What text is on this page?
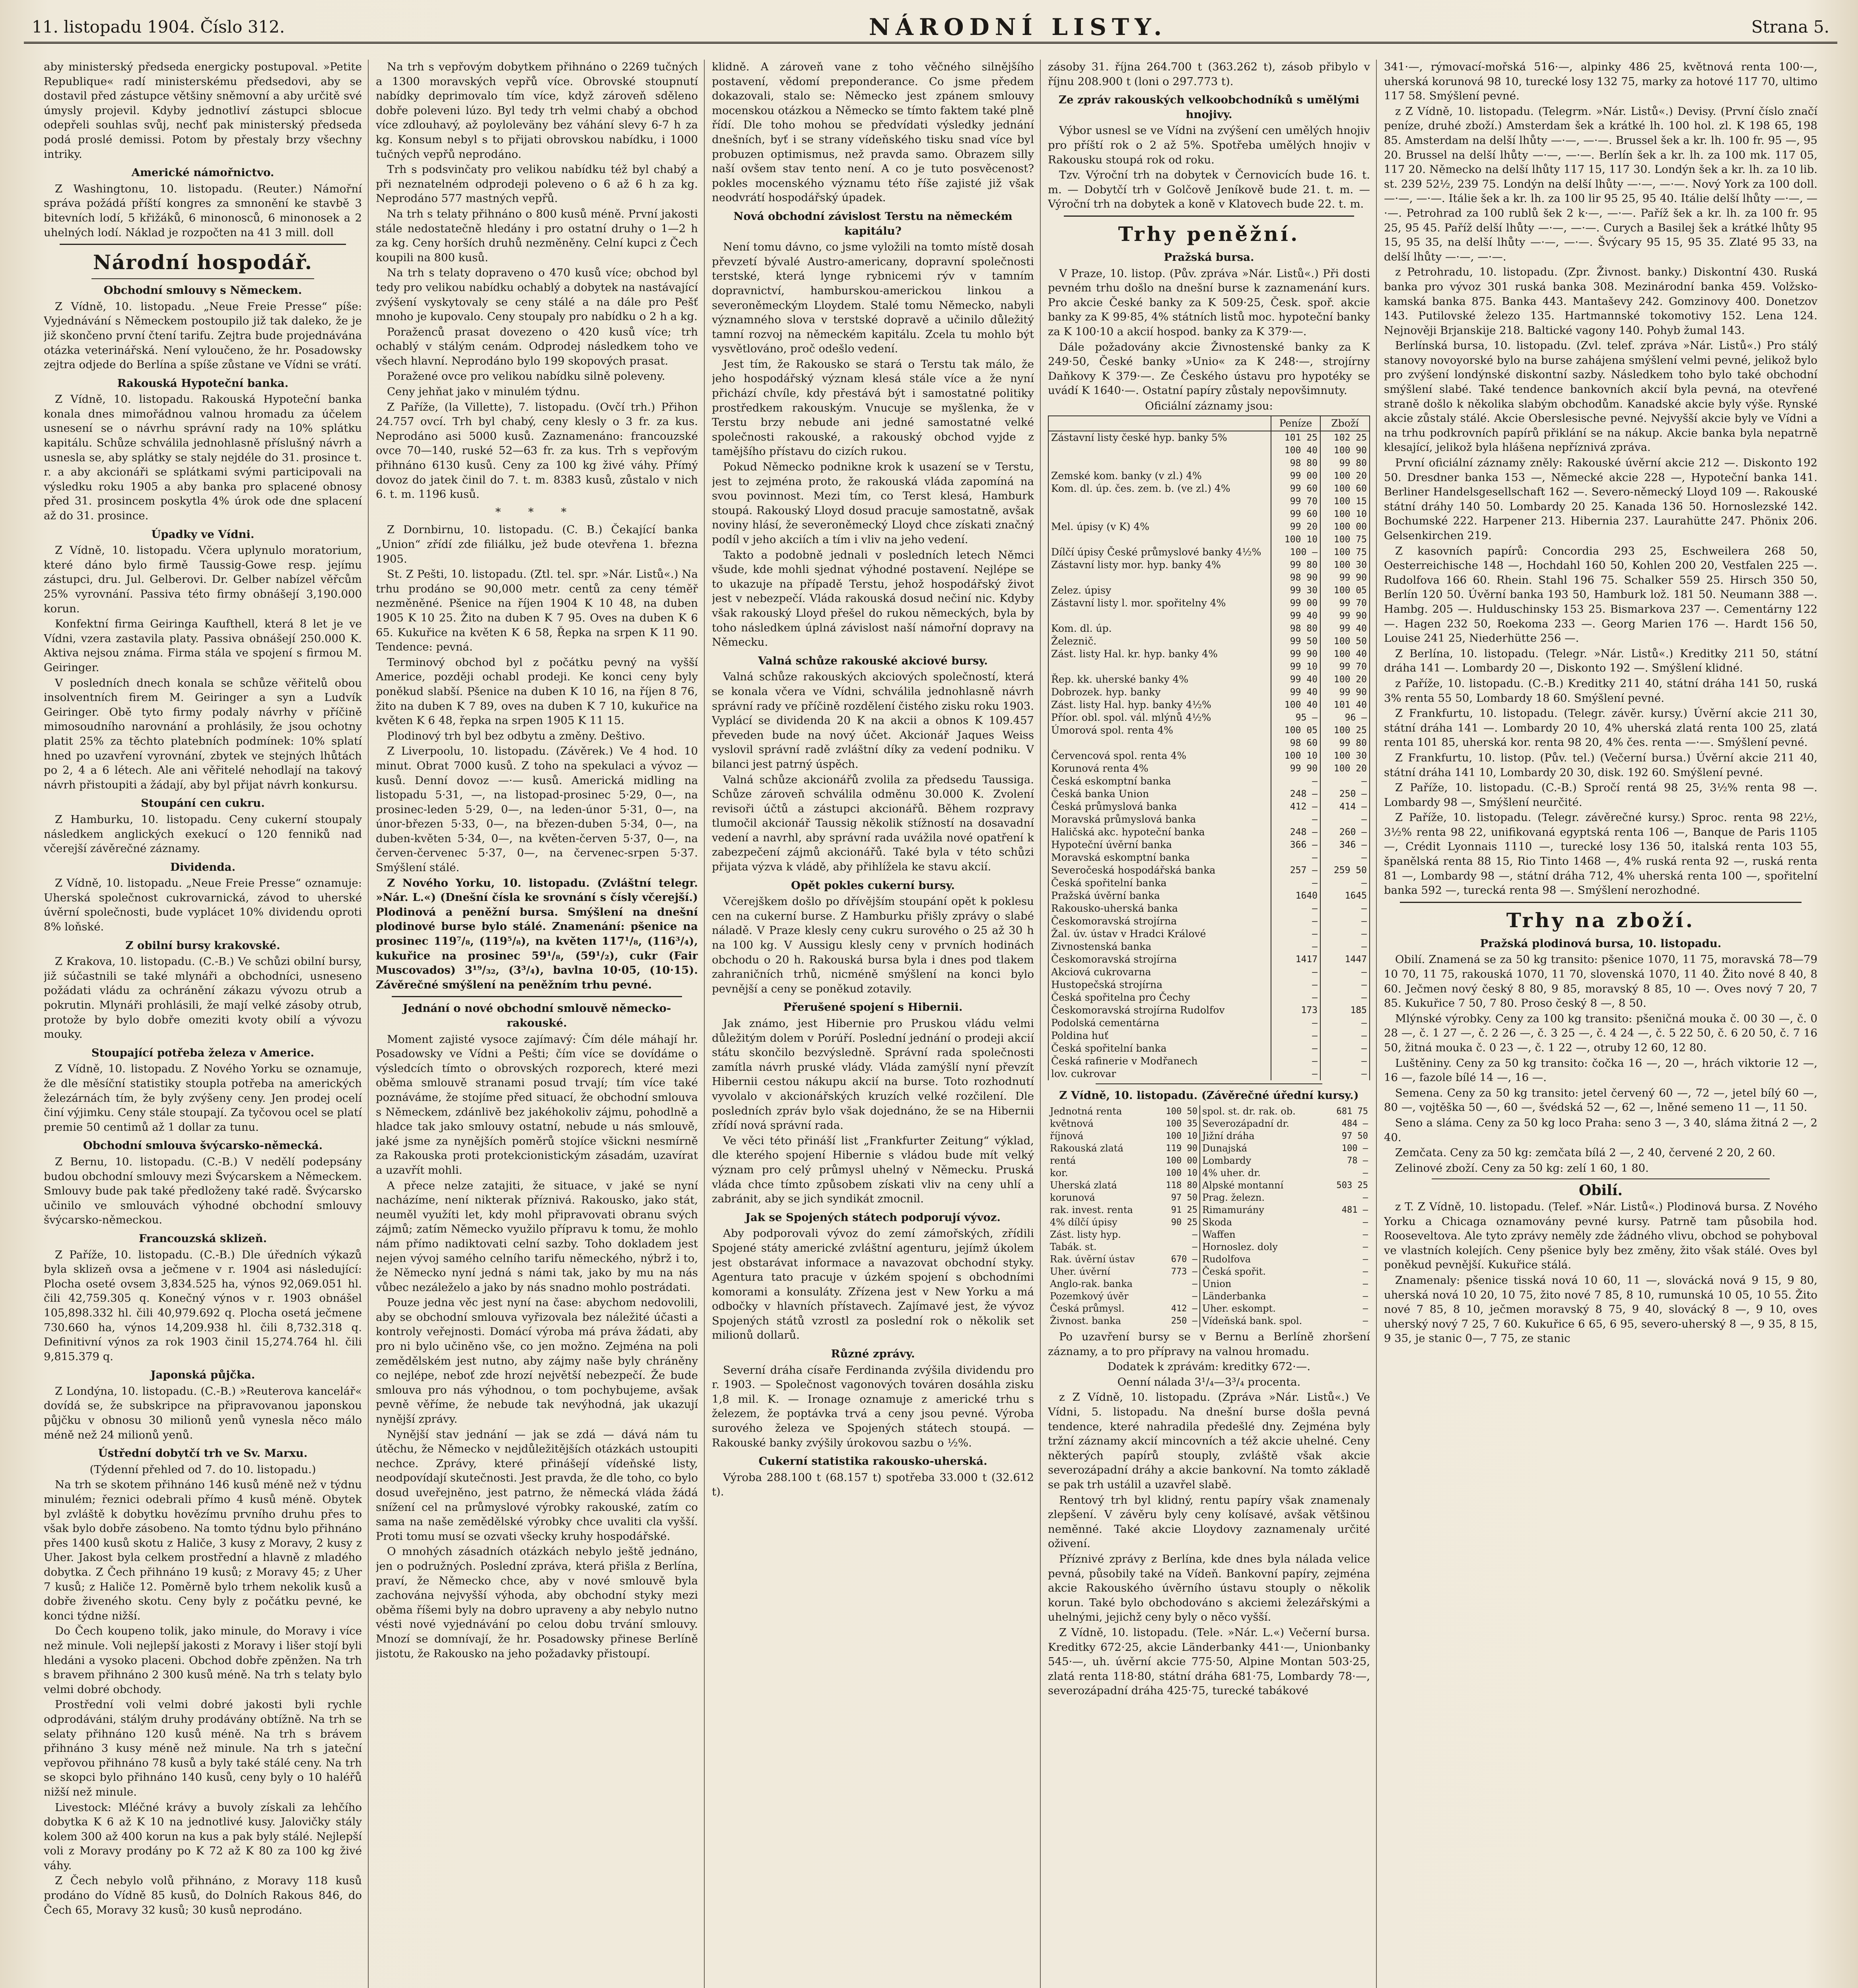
11. listopadu 1904. Číslo 312.	NÁRODNÍ LISTY.	Strana 5.

aby ministerský předseda energicky postupoval. »Petite Republique« radí ministerskému předsedovi, aby se dostavil před zástupce většiny sněmovní a aby určitě své úmysly projevil. Kdyby jednotliví zástupci sblocue odepřeli souhlas svůj, nechť pak ministerský předseda podá proslé demissi. Potom by přestaly brzy všechny intriky.

Americké námořnictvo.

Z Washingtonu, 10. listopadu. (Reuter.) Námořní správa požádá příští kongres za smnonění ke stavbě 3 bitevních lodí, 5 křižáků, 6 minonosců, 6 minonosek a 2 uhelných lodí. Náklad je rozpočten na 41 3 mill. doll

Národní hospodář.

Obchodní smlouvy s Německem.

Z Vídně, 10. listopadu. „Neue Freie Presse“ píše: Vyjednávání s Německem postoupilo již tak daleko, že je již skončeno první čtení tarifu. Zejtra bude projednávána otázka veterinářská. Není vyloučeno, že hr. Posadowsky zejtra odjede do Berlína a spíše zůstane ve Vídni se vrátí.

Rakouská Hypoteční banka.

Z Vídně, 10. listopadu. Rakouská Hypoteční banka konala dnes mimořádnou valnou hromadu za účelem usnesení se o návrhu správní rady na 10% splátku kapitálu. Schůze schválila jednohlasně příslušný návrh a usnesla se, aby splátky se staly nejdéle do 31. prosince t. r. a aby akcionáři se splátkami svými participovali na výsledku roku 1905 a aby banka pro splacené obnosy před 31. prosincem poskytla 4% úrok ode dne splacení až do 31. prosince.

Úpadky ve Vídni.

Z Vídně, 10. listopadu. Včera uplynulo moratorium, které dáno bylo firmě Taussig-Gowe resp. jejímu zástupci, dru. Jul. Gelberovi. Dr. Gelber nabízel věřcům 25% vyrovnání. Passiva této firmy obnášejí 3,190.000 korun.

Konfektní firma Geiringa Kaufthell, která 8 let je ve Vídni, vzera zastavila platy. Passiva obnášejí 250.000 K. Aktiva nejsou známa. Firma stála ve spojení s firmou M. Geiringer.

V posledních dnech konala se schůze věřitelů obou insolventních firem M. Geiringer a syn a Ludvík Geiringer. Obě tyto firmy podaly návrhy v příčině mimosoudního narovnání a prohlásily, že jsou ochotny platit 25% za těchto platebních podmínek: 10% splatí hned po uzavření vyrovnání, zbytek ve stejných lhůtách po 2, 4 a 6 létech. Ale ani věřitelé nehodlají na takový návrh přistoupiti a žádají, aby byl přijat návrh konkursu.

Stoupání cen cukru.

Z Hamburku, 10. listopadu. Ceny cukerní stoupaly následkem anglických exekucí o 120 fenniků nad včerejší závěrečné záznamy.

Dividenda.

Z Vídně, 10. listopadu. „Neue Freie Presse“ oznamuje: Uherská společnost cukrovarnická, závod to uherské úvěrní společnosti, bude vyplácet 10% dividendu oproti 8% loňské.

Z obilní bursy krakovské.

Z Krakova, 10. listopadu. (C.-B.) Ve schůzi obilní bursy, již súčastnili se také mlynáři a obchodníci, usneseno požádati vládu za ochránění zákazu vývozu otrub a pokrutin. Mlynáři prohlásili, že mají velké zásoby otrub, protože by bylo dobře omeziti kvoty obilí a vývozu mouky.

Stoupající potřeba železa v Americe.

Z Vídně, 10. listopadu. Z Nového Yorku se oznamuje, že dle měsíční statistiky stoupla potřeba na amerických železárnách tím, že byly zvýšeny ceny. Jen prodej ocelí činí výjimku. Ceny stále stoupají. Za tyčovou ocel se platí premie 50 centimů až 1 dollar za tunu.

Obchodní smlouva švýcarsko-německá.

Z Bernu, 10. listopadu. (C.-B.) V nedělí podepsány budou obchodní smlouvy mezi Švýcarskem a Německem. Smlouvy bude pak také předloženy také radě. Švýcarsko učinilo ve smlouvách výhodné obchodní smlouvy švýcarsko-německou.

Francouzská sklizeň.

Z Paříže, 10. listopadu. (C.-B.) Dle úředních výkazů byla sklizeň ovsa a ječmene v r. 1904 asi následující: Plocha oseté ovsem 3,834.525 ha, výnos 92,069.051 hl. čili 42,759.305 q. Konečný výnos v r. 1903 obnášel 105,898.332 hl. čili 40,979.692 q. Plocha osetá ječmene 730.660 ha, výnos 14,209.938 hl. čili 8,732.318 q. Definitivní výnos za rok 1903 činil 15,274.764 hl. čili 9,815.379 q.

Japonská půjčka.

Z Londýna, 10. listopadu. (C.-B.) »Reuterova kancelář« dovídá se, že subskripce na připravovanou japonskou půjčku v obnosu 30 milionů yenů vynesla něco málo méně než 24 milionů yenů.

Ústřední dobytčí trh ve Sv. Marxu.

(Týdenní přehled od 7. do 10. listopadu.)

Na trh se skotem přihnáno 146 kusů méně než v týdnu minulém; řeznici odebrali přímo 4 kusů méně. Obytek byl zvláště k dobytku hovězímu prvního druhu přes to však bylo dobře zásobeno. Na tomto týdnu bylo přihnáno přes 1400 kusů skotu z Haliče, 3 kusy z Moravy, 2 kusy z Uher. Jakost byla celkem prostřední a hlavně z mladého dobytka. Z Čech přihnáno 19 kusů; z Moravy 45; z Uher 7 kusů; z Haliče 12. Poměrně bylo trhem nekolik kusů a dobře živeného skotu. Ceny byly z počátku pevné, ke konci týdne nižší.

Do Čech koupeno tolik, jako minule, do Moravy i více než minule. Voli nejlepší jakosti z Moravy i lišer stojí byli hledáni a vysoko placeni. Obchod dobře zpěnžen. Na trh s bravem přihnáno 2 300 kusů méně. Na trh s telaty bylo velmi dobré obchody.

Prostřední voli velmi dobré jakosti byli rychle odprodáváni, stálým druhy prodávány obtížně. Na trh se selaty přihnáno 120 kusů méně. Na trh s brávem přihnáno 3 kusy méně než minule. Na trh s jateční vepřovou přihnáno 78 kusů a byly také stálé ceny. Na trh se skopci bylo přihnáno 140 kusů, ceny byly o 10 haléřů nižší než minule.

Livestock: Mléčné krávy a buvoly získali za lehčího dobytka K 6 až K 10 na jednotlivé kusy. Jalovičky stály kolem 300 až 400 korun na kus a pak byly stálé. Nejlepší voli z Moravy prodány po K 72 až K 80 za 100 kg živé váhy.

Z Čech nebylo volů přihnáno, z Moravy 118 kusů prodáno do Vídně 85 kusů, do Dolních Rakous 846, do Čech 65, Moravy 32 kusů; 30 kusů neprodáno.

Na trh s vepřovým dobytkem přihnáno o 2269 tučných a 1300 moravských vepřů více. Obrovské stoupnutí nabídky deprimovalo tím více, když zároveň sděleno dobře poleveni lúzo. Byl tedy trh velmi chabý a obchod více zdlouhavý, až poyloleväny bez váhání slevy 6-7 h za kg. Konsum nebyl s to přijati obrovskou nabídku, i 1000 tučných vepřů neprodáno.

Trh s podsvinčaty pro velikou nabídku též byl chabý a při neznatelném odprodeji poleveno o 6 až 6 h za kg. Neprodáno 577 mastných vepřů.

Na trh s telaty přihnáno o 800 kusů méně. První jakosti stále nedostatečně hledány i pro ostatní druhy o 1—2 h za kg. Ceny horších druhů nezměněny. Celní kupci z Čech koupili na 800 kusů.

Na trh s telaty dopraveno o 470 kusů více; obchod byl tedy pro velikou nabídku ochablý a dobytek na nastávající zvýšení vyskytovaly se ceny stálé a na dále pro Pešť mnoho je kupovalo. Ceny stoupaly pro nabídku o 2 h a kg.

Poraženců prasat dovezeno o 420 kusů více; trh ochablý v stálým cenám. Odprodej následkem toho ve všech hlavní. Neprodáno bylo 199 skopových prasat.

Poražené ovce pro velikou nabídku silně poleveny.

Ceny jehňat jako v minulém týdnu.

Z Paříže, (la Villette), 7. listopadu. (Ovčí trh.) Přihon 24.757 ovcí. Trh byl chabý, ceny klesly o 3 fr. za kus. Neprodáno asi 5000 kusů. Zaznamenáno: francouzské ovce 70—140, ruské 52—63 fr. za kus. Trh s vepřovým přihnáno 6130 kusů. Ceny za 100 kg živé váhy. Přímý dovoz do jatek činil do 7. t. m. 8383 kusů, zůstalo v nich 6. t. m. 1196 kusů.

* * *

Z Dornbirnu, 10. listopadu. (C. B.) Čekající banka „Union“ zřídí zde filiálku, jež bude otevřena 1. března 1905.

St. Z Pešti, 10. listopadu. (Ztl. tel. spr. »Nár. Listů«.) Na trhu prodáno se 90,000 metr. centů za ceny téměř nezměněné. Pšenice na říjen 1904 K 10 48, na duben 1905 K 10 25. Žito na duben K 7 95. Oves na duben K 6 65. Kukuřice na květen K 6 58, Řepka na srpen K 11 90. Tendence: pevná.

Terminový obchod byl z počátku pevný na vyšší Americe, později ochabl prodeji. Ke konci ceny byly poněkud slabší. Pšenice na duben K 10 16, na říjen 8 76, žito na duben K 7 89, oves na duben K 7 10, kukuřice na květen K 6 48, řepka na srpen 1905 K 11 15.

Plodinový trh byl bez odbytu a změny. Deštivo.

Z Liverpoolu, 10. listopadu. (Závěrek.) Ve 4 hod. 10 minut. Obrat 7000 kusů. Z toho na spekulaci a vývoz — kusů. Denní dovoz —·— kusů. Americká midling na listopadu 5·31, —, na listopad-prosinec 5·29, 0—, na prosinec-leden 5·29, 0—, na leden-únor 5·31, 0—, na únor-březen 5·33, 0—, na březen-duben 5·34, 0—, na duben-květen 5·34, 0—, na květen-červen 5·37, 0—, na červen-červenec 5·37, 0—, na červenec-srpen 5·37. Smýšlení stálé.

Z Nového Yorku, 10. listopadu. (Zvláštní telegr. »Nár. L.«) (Dnešní čísla ke srovnání s čísly včerejší.) Plodinová a peněžní bursa. Smýšlení na dnešní plodinové burse bylo stálé. Znamenání: pšenice na prosinec 119⁷/₈, (119⁵/₈), na květen 117¹/₈, (116³/₄), kukuřice na prosinec 59¹/₈, (59¹/₂), cukr (Fair Muscovados) 3¹⁹/₃₂, (3³/₄), bavlna 10·05, (10·15). Závěrečné smýšlení na peněžním trhu pevné.

Jednání o nové obchodní smlouvě německo-rakouské.

Moment zajisté vysoce zajímavý: Čím déle máhají hr. Posadowsky ve Vídni a Pešti; čím více se dovídáme o výsledcích tímto o obrovských rozporech, které mezi oběma smlouvě stranami posud trvají; tím více také poznáváme, že stojíme před situací, že obchodní smlouva s Německem, zdánlivě bez jakéhokoliv zájmu, pohodlně a hladce tak jako smlouvy ostatní, nebude u nás smlouvě, jaké jsme za nynějších poměrů stojíce všickni nesmírně za Rakouska proti protekcionistickým zásadám, uzavírat a uzavřít mohli.

A přece nelze zatajiti, že situace, v jaké se nyní nacházíme, není nikterak příznivá. Rakousko, jako stát, neuměl využíti let, kdy mohl připravovati obranu svých zájmů; zatím Německo využilo přípravu k tomu, že mohlo nám přímo nadiktovati celní sazby. Toho dokladem jest nejen vývoj samého celního tarifu německého, nýbrž i to, že Německo nyní jedná s námi tak, jako by mu na nás vůbec nezáleželo a jako by nás snadno mohlo postrádati.

Pouze jedna věc jest nyní na čase: abychom nedovolili, aby se obchodní smlouva vyřizovala bez náležité účasti a kontroly veřejnosti. Domácí výroba má práva žádati, aby pro ni bylo učiněno vše, co jen možno. Zejména na poli zemědělském jest nutno, aby zájmy naše byly chráněny co nejlépe, neboť zde hrozí největší nebezpečí. Že bude smlouva pro nás výhodnou, o tom pochybujeme, avšak pevně věříme, že nebude tak nevýhodná, jak ukazují nynější zprávy.

Nynější stav jednání — jak se zdá — dává nám tu útěchu, že Německo v nejdůležitějších otázkách ustoupiti nechce. Zprávy, které přinášejí vídeňské listy, neodpovídají skutečnosti. Jest pravda, že dle toho, co bylo dosud uveřejněno, jest patrno, že německá vláda žádá snížení cel na průmyslové výrobky rakouské, zatím co sama na naše zemědělské výrobky chce uvaliti cla vyšší. Proti tomu musí se ozvati všecky kruhy hospodářské.

O mnohých zásadních otázkách nebylo ještě jednáno, jen o podružných. Poslední zpráva, která přišla z Berlína, praví, že Německo chce, aby v nové smlouvě byla zachována nejvyšší výhoda, aby obchodní styky mezi oběma říšemi byly na dobro upraveny a aby nebylo nutno vésti nové vyjednávání po celou dobu trvání smlouvy. Mnozí se domnívají, že hr. Posadowsky přinese Berlíně jistotu, že Rakousko na jeho požadavky přistoupí.

klidně. A zároveň vane z toho věčného silnějšího postavení, vědomí preponderance. Co jsme předem dokazovali, stalo se: Německo jest zpánem smlouvy mocenskou otázkou a Německo se tímto faktem také plně řídí. Dle toho mohou se předvídati výsledky jednání dnešních, byť i se strany vídeňského tisku snad více byl probuzen optimismus, než pravda samo. Obrazem silly naší ovšem stav tento není. A co je tuto posvěcenost? pokles mocenského významu této říše zajisté již však neodvrátí hospodářský úpadek.

Nová obchodní závislost Terstu na německém kapitálu?

Není tomu dávno, co jsme vyložili na tomto místě dosah převzetí bývalé Austro-americany, dopravní společnosti terstské, která lynge rybnicemi rýv v tamním dopravnictví, hamburskou-americkou linkou a severoněmeckým Lloydem. Stalé tomu Německo, nabyli významného slova v terstské dopravě a učinilo důležitý tamní rozvoj na německém kapitálu. Zcela tu mohlo být vysvětlováno, proč odešlo vedení.

Jest tím, že Rakousko se stará o Terstu tak málo, že jeho hospodářský význam klesá stále více a že nyní přichází chvíle, kdy přestává být i samostatné politiky prostředkem rakouským. Vnucuje se myšlenka, že v Terstu brzy nebude ani jedné samostatné velké společnosti rakouské, a rakouský obchod vyjde z tamějšího přístavu do cizích rukou.

Pokud Německo podnikne krok k usazení se v Terstu, jest to zejména proto, že rakouská vláda zapomíná na svou povinnost. Mezi tím, co Terst klesá, Hamburk stoupá. Rakouský Lloyd dosud pracuje samostatně, avšak noviny hlásí, že severoněmecký Lloyd chce získati značný podíl v jeho akciích a tím i vliv na jeho vedení.

Takto a podobně jednali v posledních letech Němci všude, kde mohli sjednat výhodné postavení. Nejlépe se to ukazuje na případě Terstu, jehož hospodářský život jest v nebezpečí. Vláda rakouská dosud nečiní nic. Kdyby však rakouský Lloyd přešel do rukou německých, byla by toho následkem úplná závislost naší námořní dopravy na Německu.

Valná schůze rakouské akciové bursy.

Valná schůze rakouských akciových společností, která se konala včera ve Vídni, schválila jednohlasně návrh správní rady ve příčině rozdělení čistého zisku roku 1903. Vyplácí se dividenda 20 K na akcii a obnos K 109.457 převeden bude na nový účet. Akcionář Jaques Weiss vyslovil správní radě zvláštní díky za vedení podniku. V bilanci jest patrný úspěch.

Valná schůze akcionářů zvolila za předsedu Taussiga. Schůze zároveň schválila odměnu 30.000 K. Zvolení revisoři účtů a zástupci akcionářů. Během rozpravy tlumočil akcionář Taussig několik stížností na dosavadní vedení a navrhl, aby správní rada uvážila nové opatření k zabezpečení zájmů akcionářů. Také byla v této schůzi přijata výzva k vládě, aby přihlížela ke stavu akcií.

Opět pokles cukerní bursy.

Včerejškem došlo po dřívějším stoupání opět k poklesu cen na cukerní burse. Z Hamburku přišly zprávy o slabé náladě. V Praze klesly ceny cukru surového o 25 až 30 h na 100 kg. V Aussigu klesly ceny v prvních hodinách obchodu o 20 h. Rakouská bursa byla i dnes pod tlakem zahraničních trhů, nicméně smýšlení na konci bylo pevnější a ceny se poněkud zotavily.

Přerušené spojení s Hibernii.

Jak známo, jest Hibernie pro Pruskou vládu velmi důležitým dolem v Porúří. Poslední jednání o prodeji akcií státu skončilo bezvýsledně. Správní rada společnosti zamítla návrh pruské vlády. Vláda zamýšlí nyní převzít Hibernii cestou nákupu akcií na burse. Toto rozhodnutí vyvolalo v akcionářských kruzích velké rozčilení. Dle posledních zpráv bylo však dojednáno, že se na Hibernii zřídí nová správní rada.

Ve věci této přináší list „Frankfurter Zeitung“ výklad, dle kterého spojení Hibernie s vládou bude mít velký význam pro celý průmysl uhelný v Německu. Pruská vláda chce tímto způsobem získati vliv na ceny uhlí a zabránit, aby se jich syndikát zmocnil.

Jak se Spojených státech podporují vývoz.

Aby podporovali vývoz do zemí zámořských, zřídili Spojené státy americké zvláštní agenturu, jejímž úkolem jest obstarávat informace a navazovat obchodní styky. Agentura tato pracuje v úzkém spojení s obchodními komorami a konsuláty. Zřízena jest v New Yorku a má odbočky v hlavních přístavech. Zajímavé jest, že vývoz Spojených států vzrostl za poslední rok o několik set milionů dollarů.

Různé zprávy.

Severní dráha císaře Ferdinanda zvýšila dividendu pro r. 1903. — Společnost vagonových továren dosáhla zisku 1,8 mil. K. — Ironage oznamuje z americké trhu s železem, že poptávka trvá a ceny jsou pevné. Výroba surového železa ve Spojených státech stoupá. — Rakouské banky zvýšily úrokovou sazbu o ½%.

Cukerní statistika rakousko-uherská.

Výroba 288.100 t (68.157 t) spotřeba 33.000 t (32.612 t).

zásoby 31. října 264.700 t (363.262 t), zásob přibylo v říjnu 208.900 t (loni o 297.773 t).

Ze zpráv rakouských velkoobchodníků s umělými hnojivy.

Výbor usnesl se ve Vídni na zvýšení cen umělých hnojiv pro příští rok o 2 až 5%. Spotřeba umělých hnojiv v Rakousku stoupá rok od roku.

Tzv. Výroční trh na dobytek v Černovicích bude 16. t. m. — Dobytčí trh v Golčově Jeníkově bude 21. t. m. — Výroční trh na dobytek a koně v Klatovech bude 22. t. m.

Trhy peněžní.

Pražská bursa.

V Praze, 10. listop. (Pův. zpráva »Nár. Listů«.) Při dosti pevném trhu došlo na dnešní burse k zaznamenání kurs. Pro akcie České banky za K 509·25, Česk. spoř. akcie banky za K 99·85, 4% státních listů moc. hypoteční banky za K 100·10 a akcií hospod. banky za K 379·—.

Dále požadovány akcie Živnostenské banky za K 249·50, České banky »Unio« za K 248·—, strojírny Daňkovy K 379·—. Ze Českého ústavu pro hypotéky se uvádí K 1640·—. Ostatní papíry zůstaly nepovšimnuty.

Oficiální záznamy jsou:

	Peníze	Zboží
Zástavní listy české hyp. banky 5%	101 25	102 25
	100 40	100 90
	98 80	99 80
Zemské kom. banky (v zl.) 4%	99 00	100 20
Kom. dl. úp. čes. zem. b. (ve zl.) 4%	99 60	100 60
	99 70	100 15
	99 60	100 10
Mel. úpisy (v K) 4%	99 20	100 00
	100 10	100 75
Dílčí úpisy České průmyslové banky 4½%	100 —	100 75
Zástavní listy mor. hyp. banky 4%	99 80	100 30
	98 90	99 90
Zelez. úpisy	99 30	100 05
Zástavní listy l. mor. spořitelny 4%	99 00	99 70
	99 40	99 90
Kom. dl. úp.	98 80	99 40
Železnič.	99 50	100 50
Zást. listy Hal. kr. hyp. banky 4%	99 90	100 40
	99 10	99 70
Řep. kk. uherské banky 4%	99 40	100 20
Dobrozek. hyp. banky	99 40	99 90
Zást. listy Hal. hyp. banky 4½%	100 40	101 40
Příor. obl. spol. vál. mlýnů 4½%	95 —	96 —
Úmorová spol. renta 4%	100 05	100 25
	98 60	99 80
Červencová spol. renta 4%	100 10	100 30
Korunová renta 4%	99 90	100 20
Česká eskomptní banka	—	—
Česká banka Union	248 —	250 —
Česká průmyslová banka	412 —	414 —
Moravská průmyslová banka	—	—
Haličská akc. hypoteční banka	248 —	260 —
Hypoteční úvěrní banka	366 —	346 —
Moravská eskomptní banka	—	—
Severočeská hospodářská banka	257 —	259 50
Česká spořitelní banka	—	—
Pražská úvěrní banka	1640	1645
Rakousko-uherská banka	—	—
Českomoravská strojírna	—	—
Žal. úv. ústav v Hradci Králové	—	—
Zivnostenská banka	—	—
Českomoravská strojírna	1417	1447
Akciová cukrovarna	—	—
Hustopečská strojírna	—	—
Česká spořitelna pro Čechy	—	—
Českomoravská strojírna Rudolfov	173	185
Podolská cementárna	—	—
Poldina huť	—	—
Česká spořitelní banka	—	—
Česká rafinerie v Modřanech	—	—
lov. cukrovar	—	—

Z Vídně, 10. listopadu. (Závěrečné úřední kursy.)

Jednotná renta	100 50	spol. st. dr. rak. ob.	681 75
květnová	100 35	Severozápadní dr.	484 —
říjnová	100 10	Jižní dráha	97 50
Rakouská zlatá	119 90	Dunajská	100 —
rentá	100 00	Lombardy	78 —
kor.	100 10	4% uher. dr.	—
Uherská zlatá	118 80	Alpské montanní	503 25
korunová	97 50	Prag. železn.	—
rak. invest. renta	91 25	Rimamurány	481 —
4% dílčí úpisy	90 25	Skoda	—
Zást. listy hyp.	—	Waffen	—
Tabák. st.	—	Hornoslez. doly	—
Rak. úvěrní ústav	670 —	Rudolfova	—
Uher. úvěrní	773 —	Česká spořit.	—
Anglo-rak. banka	—	Union	—
Pozemkový úvěr	—	Länderbanka	—
Česká průmysl.	412 —	Uher. eskompt.	—
Živnost. banka	250 —	Vídeňská bank. spol.	—

Po uzavření bursy se v Bernu a Berlíně zhoršení záznamy, a to pro přípravy na valnou hromadu.

Dodatek k zprávám: kreditky 672·—.

Oenní nálada 3¹/₄—3³/₄ procenta.

z Z Vídně, 10. listopadu. (Zpráva »Nár. Listů«.) Ve Vídni, 5. listopadu. Na dnešní burse došla pevná tendence, které nahradila předešlé dny. Zejména byly tržní záznamy akcií mincovních a též akcie uhelné. Ceny některých papírů stouply, zvláště však akcie severozápadní dráhy a akcie bankovní. Na tomto základě se pak trh ustálil a uzavřel slabě.

Rentový trh byl klidný, rentu papíry však znamenaly zlepšení. V závěru byly ceny kolísavé, avšak většinou neměnné. Také akcie Lloydovy zaznamenaly určité oživení.

Příznivé zprávy z Berlína, kde dnes byla nálada velice pevná, působily také na Vídeň. Bankovní papíry, zejména akcie Rakouského úvěrního ústavu stouply o několik korun. Také bylo obchodováno s akciemi železářskými a uhelnými, jejichž ceny byly o něco vyšší.

Z Vídně, 10. listopadu. (Tele. »Nár. L.«) Večerní bursa. Kreditky 672·25, akcie Länderbanky 441·—, Unionbanky 545·—, uh. úvěrní akcie 775·50, Alpine Montan 503·25, zlatá renta 118·80, státní dráha 681·75, Lombardy 78·—, severozápadní dráha 425·75, turecké tabákové

341·—, rýmovací-mořská 516·—, alpinky 486 25, květnová renta 100·—, uherská korunová 98 10, turecké losy 132 75, marky za hotové 117 70, ultimo 117 58. Smýšlení pevné.

z Z Vídně, 10. listopadu. (Telegrm. »Nár. Listů«.) Devisy. (První číslo značí peníze, druhé zboží.) Amsterdam šek a krátké lh. 100 hol. zl. K 198 65, 198 85. Amsterdam na delší lhůty —·—, —·—. Brussel šek a kr. lh. 100 fr. 95 —, 95 20. Brussel na delší lhůty —·—, —·—. Berlín šek a kr. lh. za 100 mk. 117 05, 117 20. Německo na delší lhůty 117 15, 117 30. Londýn šek a kr. lh. za 10 lib. st. 239 52½, 239 75. Londýn na delší lhůty —·—, —·—. Nový York za 100 doll. —·—, —·—. Itálie šek a kr. lh. za 100 lir 95 25, 95 40. Itálie delší lhůty —·—, —·—. Petrohrad za 100 rublů šek 2 k·—, —·—. Paříž šek a kr. lh. za 100 fr. 95 25, 95 45. Paříž delší lhůty —·—, —·—. Curych a Basilej šek a krátké lhůty 95 15, 95 35, na delší lhůty —·—, —·—. Švýcary 95 15, 95 35. Zlaté 95 33, na delší lhůty —·—, —·—.

z Petrohradu, 10. listopadu. (Zpr. Živnost. banky.) Diskontní 430. Ruská banka pro vývoz 301 ruská banka 308. Mezinárodní banka 459. Volžsko-kamská banka 875. Banka 443. Mantaševy 242. Gomzinovy 400. Donetzov 143. Putilovské železo 135. Hartmannské tokomotivy 152. Lena 124. Nejnověji Brjanskije 218. Baltické vagony 140. Pohyb žumal 143.

Berlínská bursa, 10. listopadu. (Zvl. telef. zpráva »Nár. Listů«.) Pro stálý stanovy novoyorské bylo na burse zahájena smýšlení velmi pevné, jelikož bylo pro zvýšení londýnské diskontní sazby. Následkem toho bylo také obchodní smýšlení slabé. Také tendence bankovních akcií byla pevná, na otevřené straně došlo k několika slabým obchodům. Kanadské akcie byly výše. Rynské akcie zůstaly stálé. Akcie Oberslesische pevné. Nejvyšší akcie byly ve Vídni a na trhu podkrovních papírů přiklání se na nákup. Akcie banka byla nepatrně klesající, jelikož byla hlášena nepříznivá zpráva.

První oficiální záznamy zněly: Rakouské úvěrní akcie 212 —. Diskonto 192 50. Dresdner banka 153 —, Německé akcie 228 —, Hypoteční banka 141. Berliner Handelsgesellschaft 162 —. Severo-německý Lloyd 109 —. Rakouské státní dráhy 140 50. Lombardy 20 25. Kanada 136 50. Hornoslezské 142. Bochumské 222. Harpener 213. Hibernia 237. Laurahütte 247. Phönix 206. Gelsenkirchen 219.

Z kasovních papírů: Concordia 293 25, Eschweilera 268 50, Oesterreichische 148 —, Hochdahl 160 50, Kohlen 200 20, Vestfalen 225 —. Rudolfova 166 60. Rhein. Stahl 196 75. Schalker 559 25. Hirsch 350 50, Berlín 120 50. Úvěrní banka 193 50, Hamburk lož. 181 50. Neumann 388 —. Hambg. 205 —. Hulduschinsky 153 25. Bismarkova 237 —. Cementárny 122 —. Hagen 232 50, Roekoma 233 —. Georg Marien 176 —. Hardt 156 50, Louise 241 25, Niederhütte 256 —.

Z Berlína, 10. listopadu. (Telegr. »Nár. Listů«.) Kreditky 211 50, státní dráha 141 —. Lombardy 20 —, Diskonto 192 —. Smýšlení klidné.

z Paříže, 10. listopadu. (C.-B.) Kreditky 211 40, státní dráha 141 50, ruská 3% renta 55 50, Lombardy 18 60. Smýšlení pevné.

Z Frankfurtu, 10. listopadu. (Telegr. závěr. kursy.) Úvěrní akcie 211 30, státní dráha 141 —. Lombardy 20 10, 4% uherská zlatá renta 100 25, zlatá renta 101 85, uherská kor. renta 98 20, 4% čes. renta —·—. Smýšlení pevné.

Z Frankfurtu, 10. listop. (Pův. tel.) (Večerní bursa.) Úvěrní akcie 211 40, státní dráha 141 10, Lombardy 20 30, disk. 192 60. Smýšlení pevné.

Z Paříže, 10. listopadu. (C.-B.) Spročí rentá 98 25, 3½% renta 98 —. Lombardy 98 —, Smýšlení neurčité.

Z Paříže, 10. listopadu. (Telegr. závěrečné kursy.) Sproc. renta 98 22½, 3½% renta 98 22, unifikovaná egyptská renta 106 —, Banque de Paris 1105 —, Crédit Lyonnais 1110 —, turecké losy 136 50, italská renta 103 55, španělská renta 88 15, Rio Tinto 1468 —, 4% ruská renta 92 —, ruská renta 81 —, Lombardy 98 —, státní dráha 712, 4% uherská renta 100 —, spořitelní banka 592 —, turecká renta 98 —. Smýšlení nerozhodné.

Trhy na zboží.

Pražská plodinová bursa, 10. listopadu.

Obilí. Znamená se za 50 kg transito: pšenice 1070, 11 75, moravská 78—79 10 70, 11 75, rakouská 1070, 11 70, slovenská 1070, 11 40. Žito nové 8 40, 8 60. Ječmen nový český 8 80, 9 85, moravský 8 85, 10 —. Oves nový 7 20, 7 85. Kukuřice 7 50, 7 80. Proso český 8 —, 8 50.

Mlýnské výrobky. Ceny za 100 kg transito: pšeničná mouka č. 00 30 —, č. 0 28 —, č. 1 27 —, č. 2 26 —, č. 3 25 —, č. 4 24 —, č. 5 22 50, č. 6 20 50, č. 7 16 50, žitná mouka č. 0 23 —, č. 1 22 —, otruby 12 60, 12 80.

Luštěniny. Ceny za 50 kg transito: čočka 16 —, 20 —, hrách viktorie 12 —, 16 —, fazole bílé 14 —, 16 —.

Semena. Ceny za 50 kg transito: jetel červený 60 —, 72 —, jetel bílý 60 —, 80 —, vojtěška 50 —, 60 —, švédská 52 —, 62 —, lněné semeno 11 —, 11 50.

Seno a sláma. Ceny za 50 kg loco Praha: seno 3 —, 3 40, sláma žitná 2 —, 2 40.

Zemčata. Ceny za 50 kg: zemčata bílá 2 —, 2 40, červené 2 20, 2 60.

Zelinové zboží. Ceny za 50 kg: zelí 1 60, 1 80.

Obilí.

z T. Z Vídně, 10. listopadu. (Telef. »Nár. Listů«.) Plodinová bursa. Z Nového Yorku a Chicaga oznamovány pevné kursy. Patrně tam působila hod. Rooseveltova. Ale tyto zprávy neměly zde žádného vlivu, obchod se pohyboval ve vlastních kolejích. Ceny pšenice byly bez změny, žito však stálé. Oves byl poněkud pevnější. Kukuřice stálá.

Znamenaly: pšenice tisská nová 10 60, 11 —, slovácká nová 9 15, 9 80, uherská nová 10 20, 10 75, žito nové 7 85, 8 10, rumunská 10 05, 10 55. Žito nové 7 85, 8 10, ječmen moravský 8 75, 9 40, slovácký 8 —, 9 10, oves uherský nový 7 25, 7 60. Kukuřice 6 65, 6 95, severo-uherský 8 —, 9 35, 8 15, 9 35, je stanic 0—, 7 75, ze stanic
